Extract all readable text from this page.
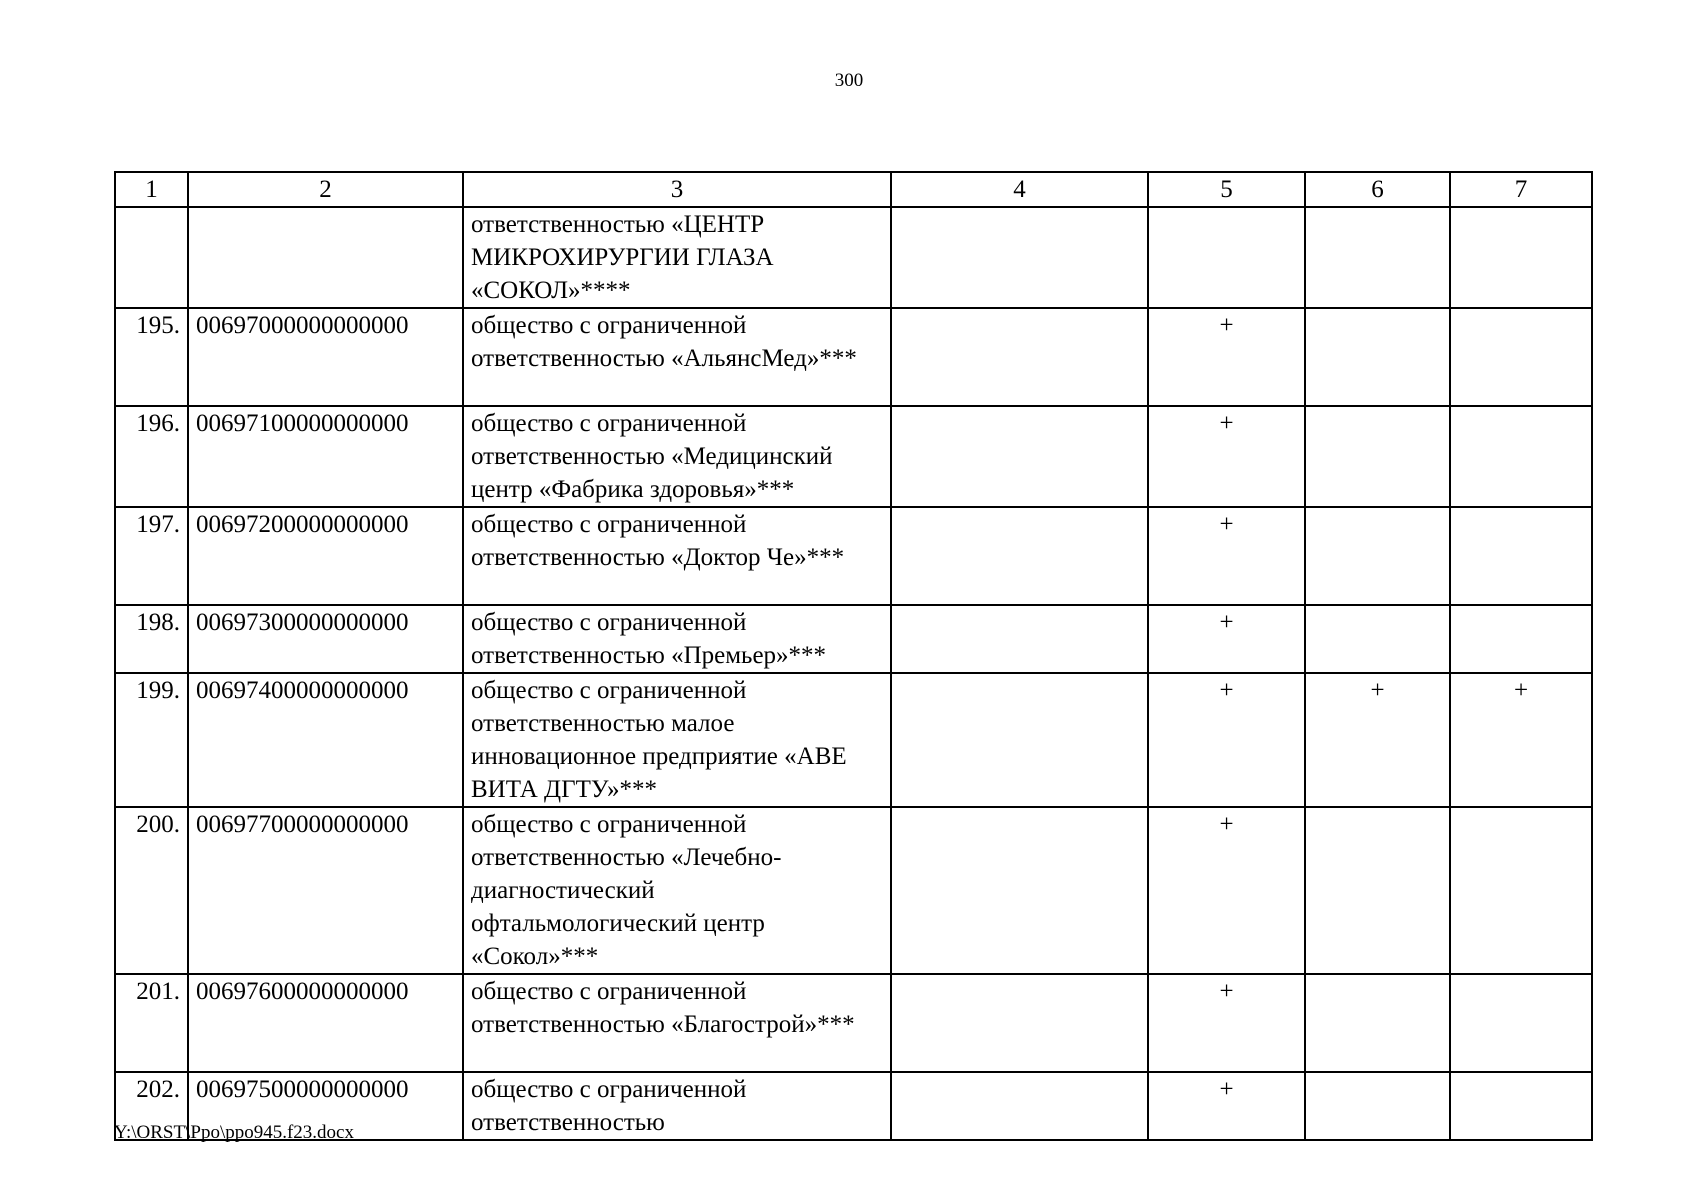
300
1	2	3	4	5	6	7
		ответственностью «ЦЕНТР МИКРОХИРУРГИИ ГЛАЗА «СОКОЛ»****				
195.	00697000000000000	общество с ограниченной ответственностью «АльянсМед»***		+		
196.	00697100000000000	общество с ограниченной ответственностью «Медицинский центр «Фабрика здоровья»***		+		
197.	00697200000000000	общество с ограниченной ответственностью «Доктор Че»***		+		
198.	00697300000000000	общество с ограниченной ответственностью «Премьер»***		+		
199.	00697400000000000	общество с ограниченной ответственностью малое инновационное предприятие «АВЕ ВИТА ДГТУ»***		+	+	+
200.	00697700000000000	общество с ограниченной ответственностью «Лечебно-диагностический офтальмологический центр «Сокол»***		+		
201.	00697600000000000	общество с ограниченной ответственностью «Благострой»***		+		
202.	00697500000000000	общество с ограниченной ответственностью		+		
Y:\ORST\Ppo\ppo945.f23.docx
